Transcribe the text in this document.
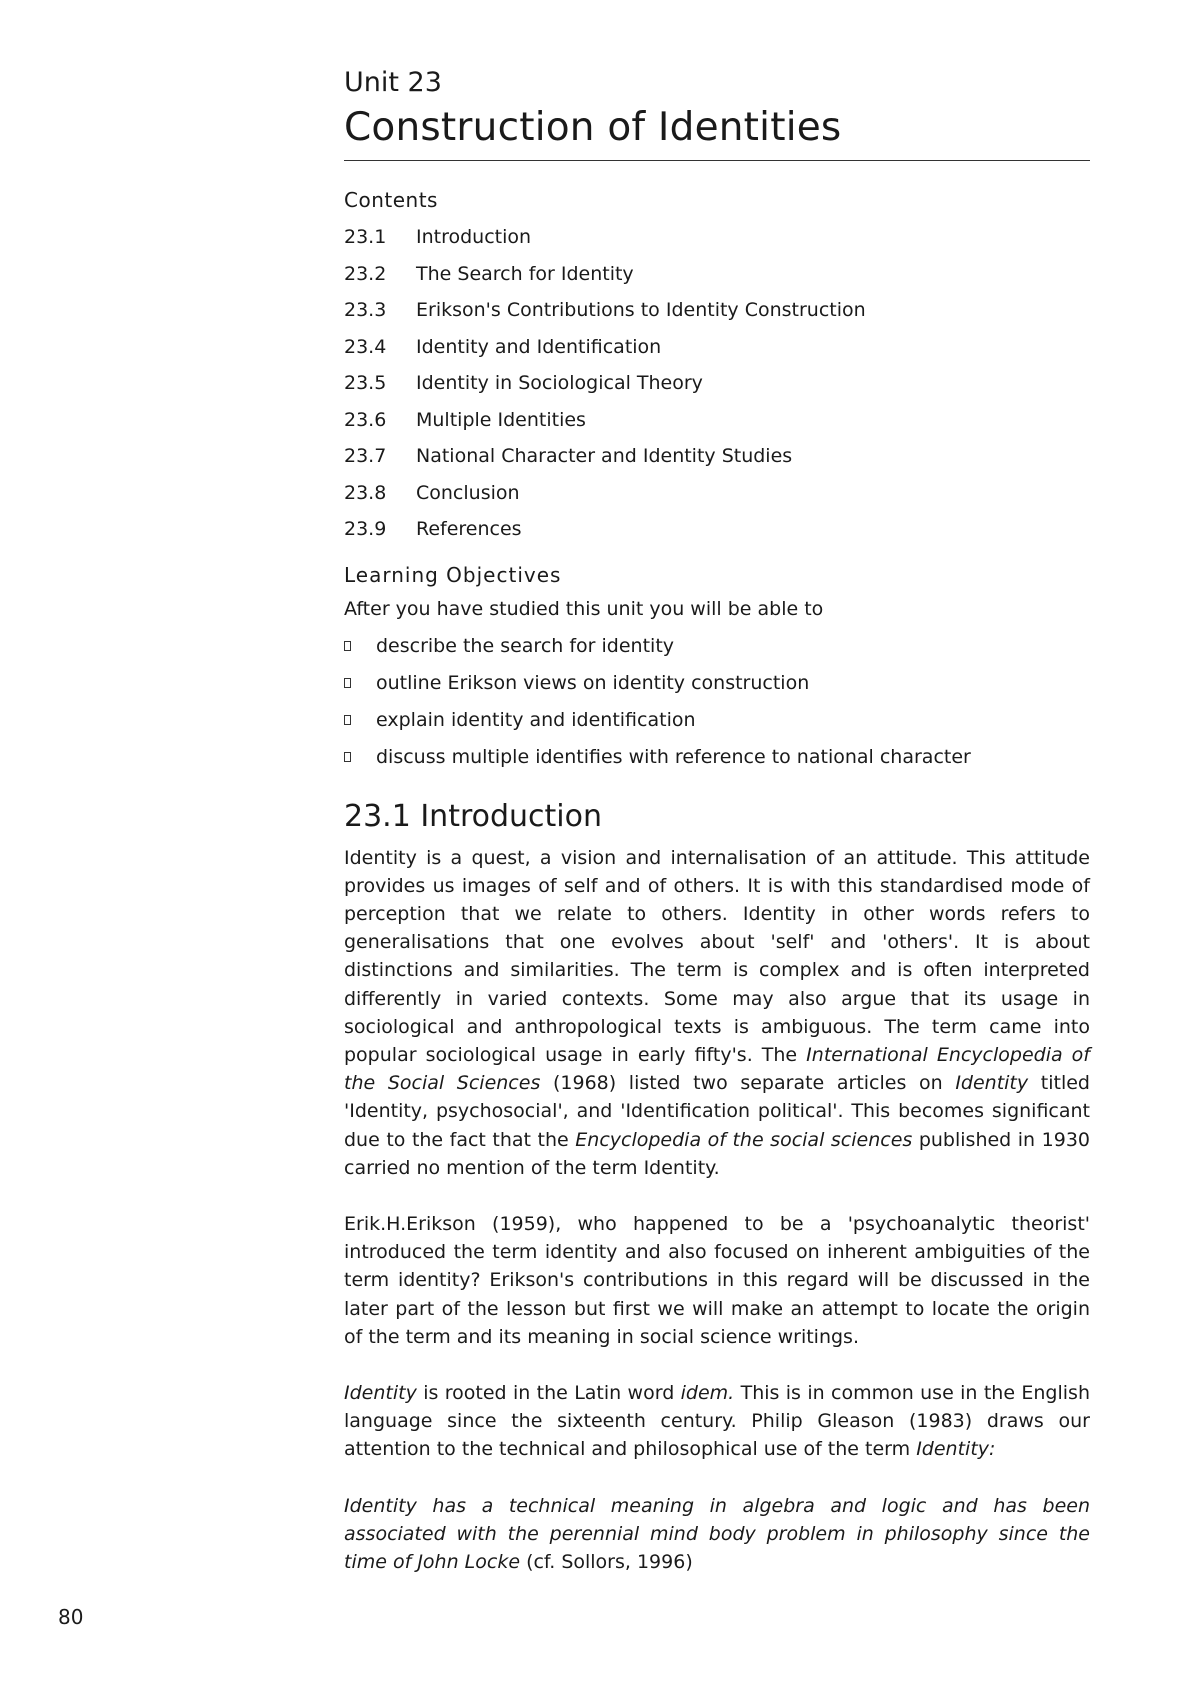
Unit 23
Construction of Identities
Contents
23.1	Introduction
23.2	The Search for Identity
23.3	Erikson's Contributions to Identity Construction
23.4	Identity and Identification
23.5	Identity in Sociological Theory
23.6	Multiple Identities
23.7	National Character and Identity Studies
23.8	Conclusion
23.9	References
Learning Objectives

After you have studied this unit you will be able to

describe the search for identity
outline Erikson views on identity construction
explain identity and identification
discuss multiple identifies with reference to national character
23.1 Introduction

Identity is a quest, a vision and internalisation of an attitude. This attitude provides us images of self and of others. It is with this standardised mode of perception that we relate to others. Identity in other words refers to generalisations that one evolves about 'self' and 'others'. It is about distinctions and similarities. The term is complex and is often interpreted differently in varied contexts. Some may also argue that its usage in sociological and anthropological texts is ambiguous. The term came into popular sociological usage in early fifty's. The International Encyclopedia of the Social Sciences (1968) listed two separate articles on Identity titled 'Identity, psychosocial', and 'Identification political'. This becomes significant due to the fact that the Encyclopedia of the social sciences published in 1930 carried no mention of the term Identity.

Erik.H.Erikson (1959), who happened to be a 'psychoanalytic theorist' introduced the term identity and also focused on inherent ambiguities of the term identity? Erikson's contributions in this regard will be discussed in the later part of the lesson but first we will make an attempt to locate the origin of the term and its meaning in social science writings.

Identity is rooted in the Latin word idem. This is in common use in the English language since the sixteenth century. Philip Gleason (1983) draws our attention to the technical and philosophical use of the term Identity:

Identity has a technical meaning in algebra and logic and has been associated with the perennial mind body problem in philosophy since the time of John Locke (cf. Sollors, 1996)

80
